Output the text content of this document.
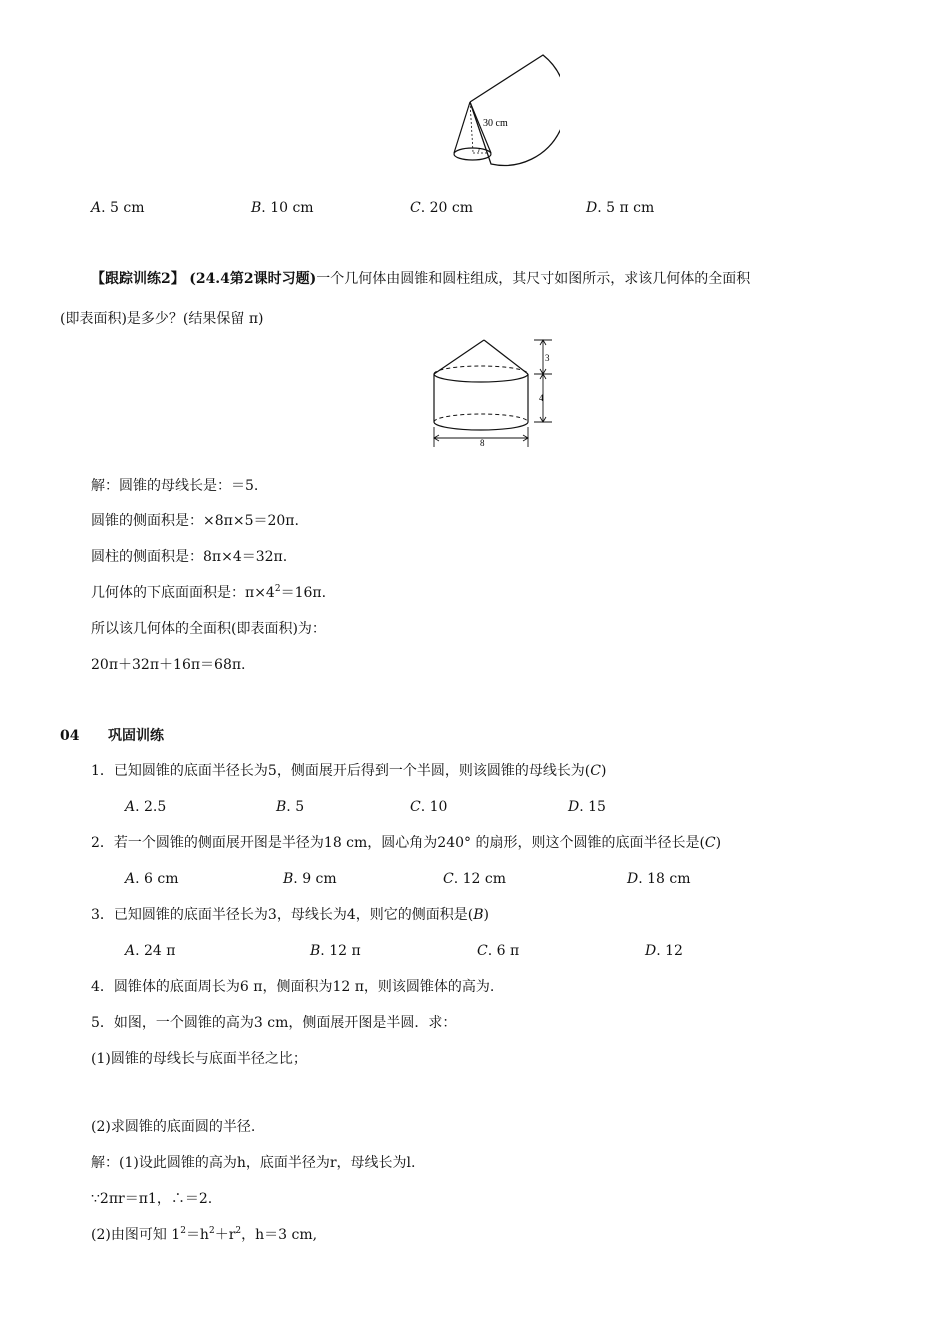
30 cm
r
A. 5 cm	B. 10 cm	C. 20 cm	D. 5 π cm
【跟踪训练2】 (24.4第2课时习题)一个几何体由圆锥和圆柱组成，其尺寸如图所示，求该几何体的全面积
(即表面积)是多少？(结果保留 π)
3
4
8
解：圆锥的母线长是：＝5.
圆锥的侧面积是：×8π×5＝20π.
圆柱的侧面积是：8π×4＝32π.
几何体的下底面面积是：$\pi\times 4^2=16\pi$.
所以该几何体的全面积(即表面积)为：
20π＋32π＋16π＝68π.
04 巩固训练
1．已知圆锥的底面半径长为5，侧面展开后得到一个半圆，则该圆锥的母线长为(C)
A. 2.5	B. 5	C. 10	D. 15
2．若一个圆锥的侧面展开图是半径为18 cm，圆心角为240° 的扇形，则这个圆锥的底面半径长是(C)
A. 6 cm	B. 9 cm	C. 12 cm	D. 18 cm
3．已知圆锥的底面半径长为3，母线长为4，则它的侧面积是(B)
A. 24 π	B. 12 π	C. 6 π	D. 12
4．圆锥体的底面周长为6 π，侧面积为12 π，则该圆锥体的高为.
5．如图，一个圆锥的高为3 cm，侧面展开图是半圆．求：
(1)圆锥的母线长与底面半径之比；
(2)求圆锥的底面圆的半径.
解：(1)设此圆锥的高为h，底面半径为r，母线长为l.
∵2πr＝π1，∴＝2.
(2)由图可知 $1^2=h^2+r^2$，h＝3 cm,
